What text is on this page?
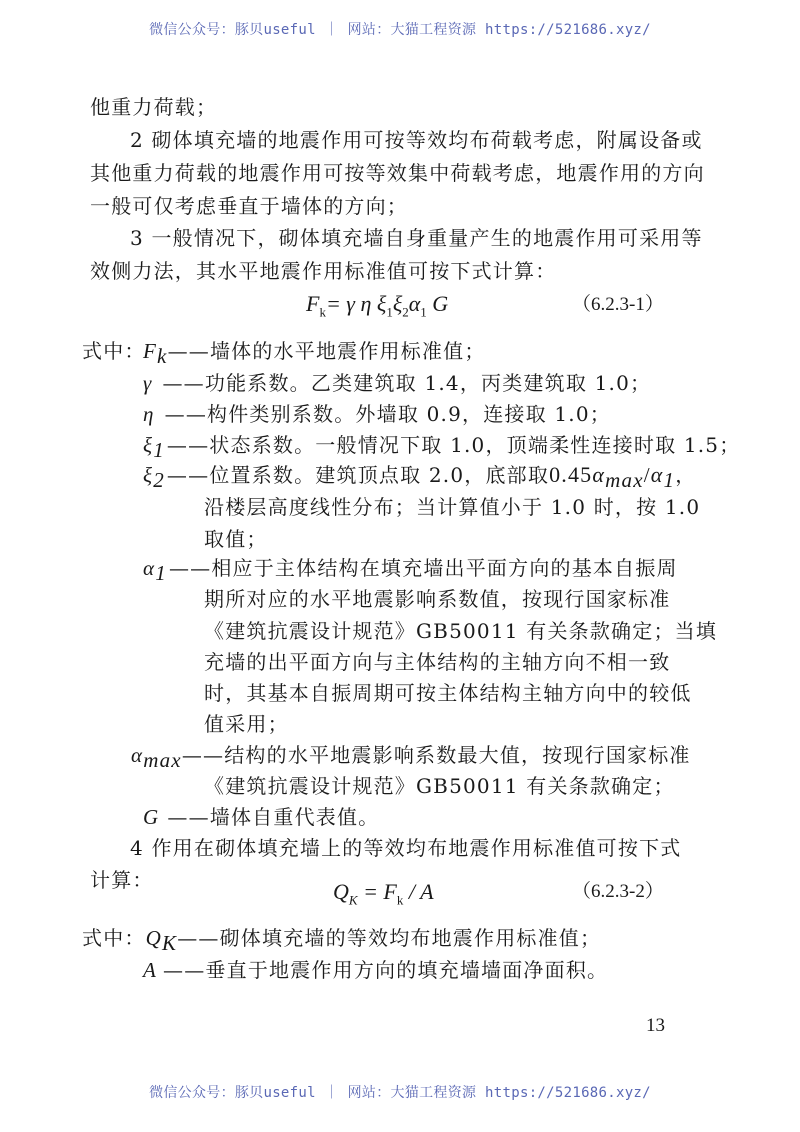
微信公众号：豚贝useful ｜ 网站：大猫工程资源 https://521686.xyz/
他重力荷载；
2 砌体填充墙的地震作用可按等效均布荷载考虑，附属设备或
其他重力荷载的地震作用可按等效集中荷载考虑，地震作用的方向
一般可仅考虑垂直于墙体的方向；
3 一般情况下，砌体填充墙自身重量产生的地震作用可采用等
效侧力法，其水平地震作用标准值可按下式计算：
$F_k= \gamma$ η $\xi_1\xi_2\alpha_1$ G	（6.2.3-1）
式中：
$F_k——$墙体的水平地震作用标准值；
γ ——功能系数。乙类建筑取 1.4，丙类建筑取 1.0；
η ——构件类别系数。外墙取 0.9，连接取 1.0；
$\xi_1$ ——状态系数。一般情况下取 1.0，顶端柔性连接时取 1.5；
$\xi_2$ ——位置系数。建筑顶点取 2.0，底部取$0.45\alpha_{max}/\alpha_1$，
沿楼层高度线性分布；当计算值小于 1.0 时，按 1.0
取值；
$\alpha_1$ ——相应于主体结构在填充墙出平面方向的基本自振周
期所对应的水平地震影响系数值，按现行国家标准
《建筑抗震设计规范》GB50011 有关条款确定；当填
充墙的出平面方向与主体结构的主轴方向不相一致
时，其基本自振周期可按主体结构主轴方向中的较低
值采用；
$\alpha_{max}——$结构的水平地震影响系数最大值，按现行国家标准
《建筑抗震设计规范》GB50011 有关条款确定；
G ——墙体自重代表值。
4 作用在砌体填充墙上的等效均布地震作用标准值可按下式
计算：	$Q_K = F_k / A$	（6.2.3-2）
式中：$Q_K——$砌体填充墙的等效均布地震作用标准值；
A ——垂直于地震作用方向的填充墙墙面净面积。
13
微信公众号：豚贝useful ｜ 网站：大猫工程资源 https://521686.xyz/
